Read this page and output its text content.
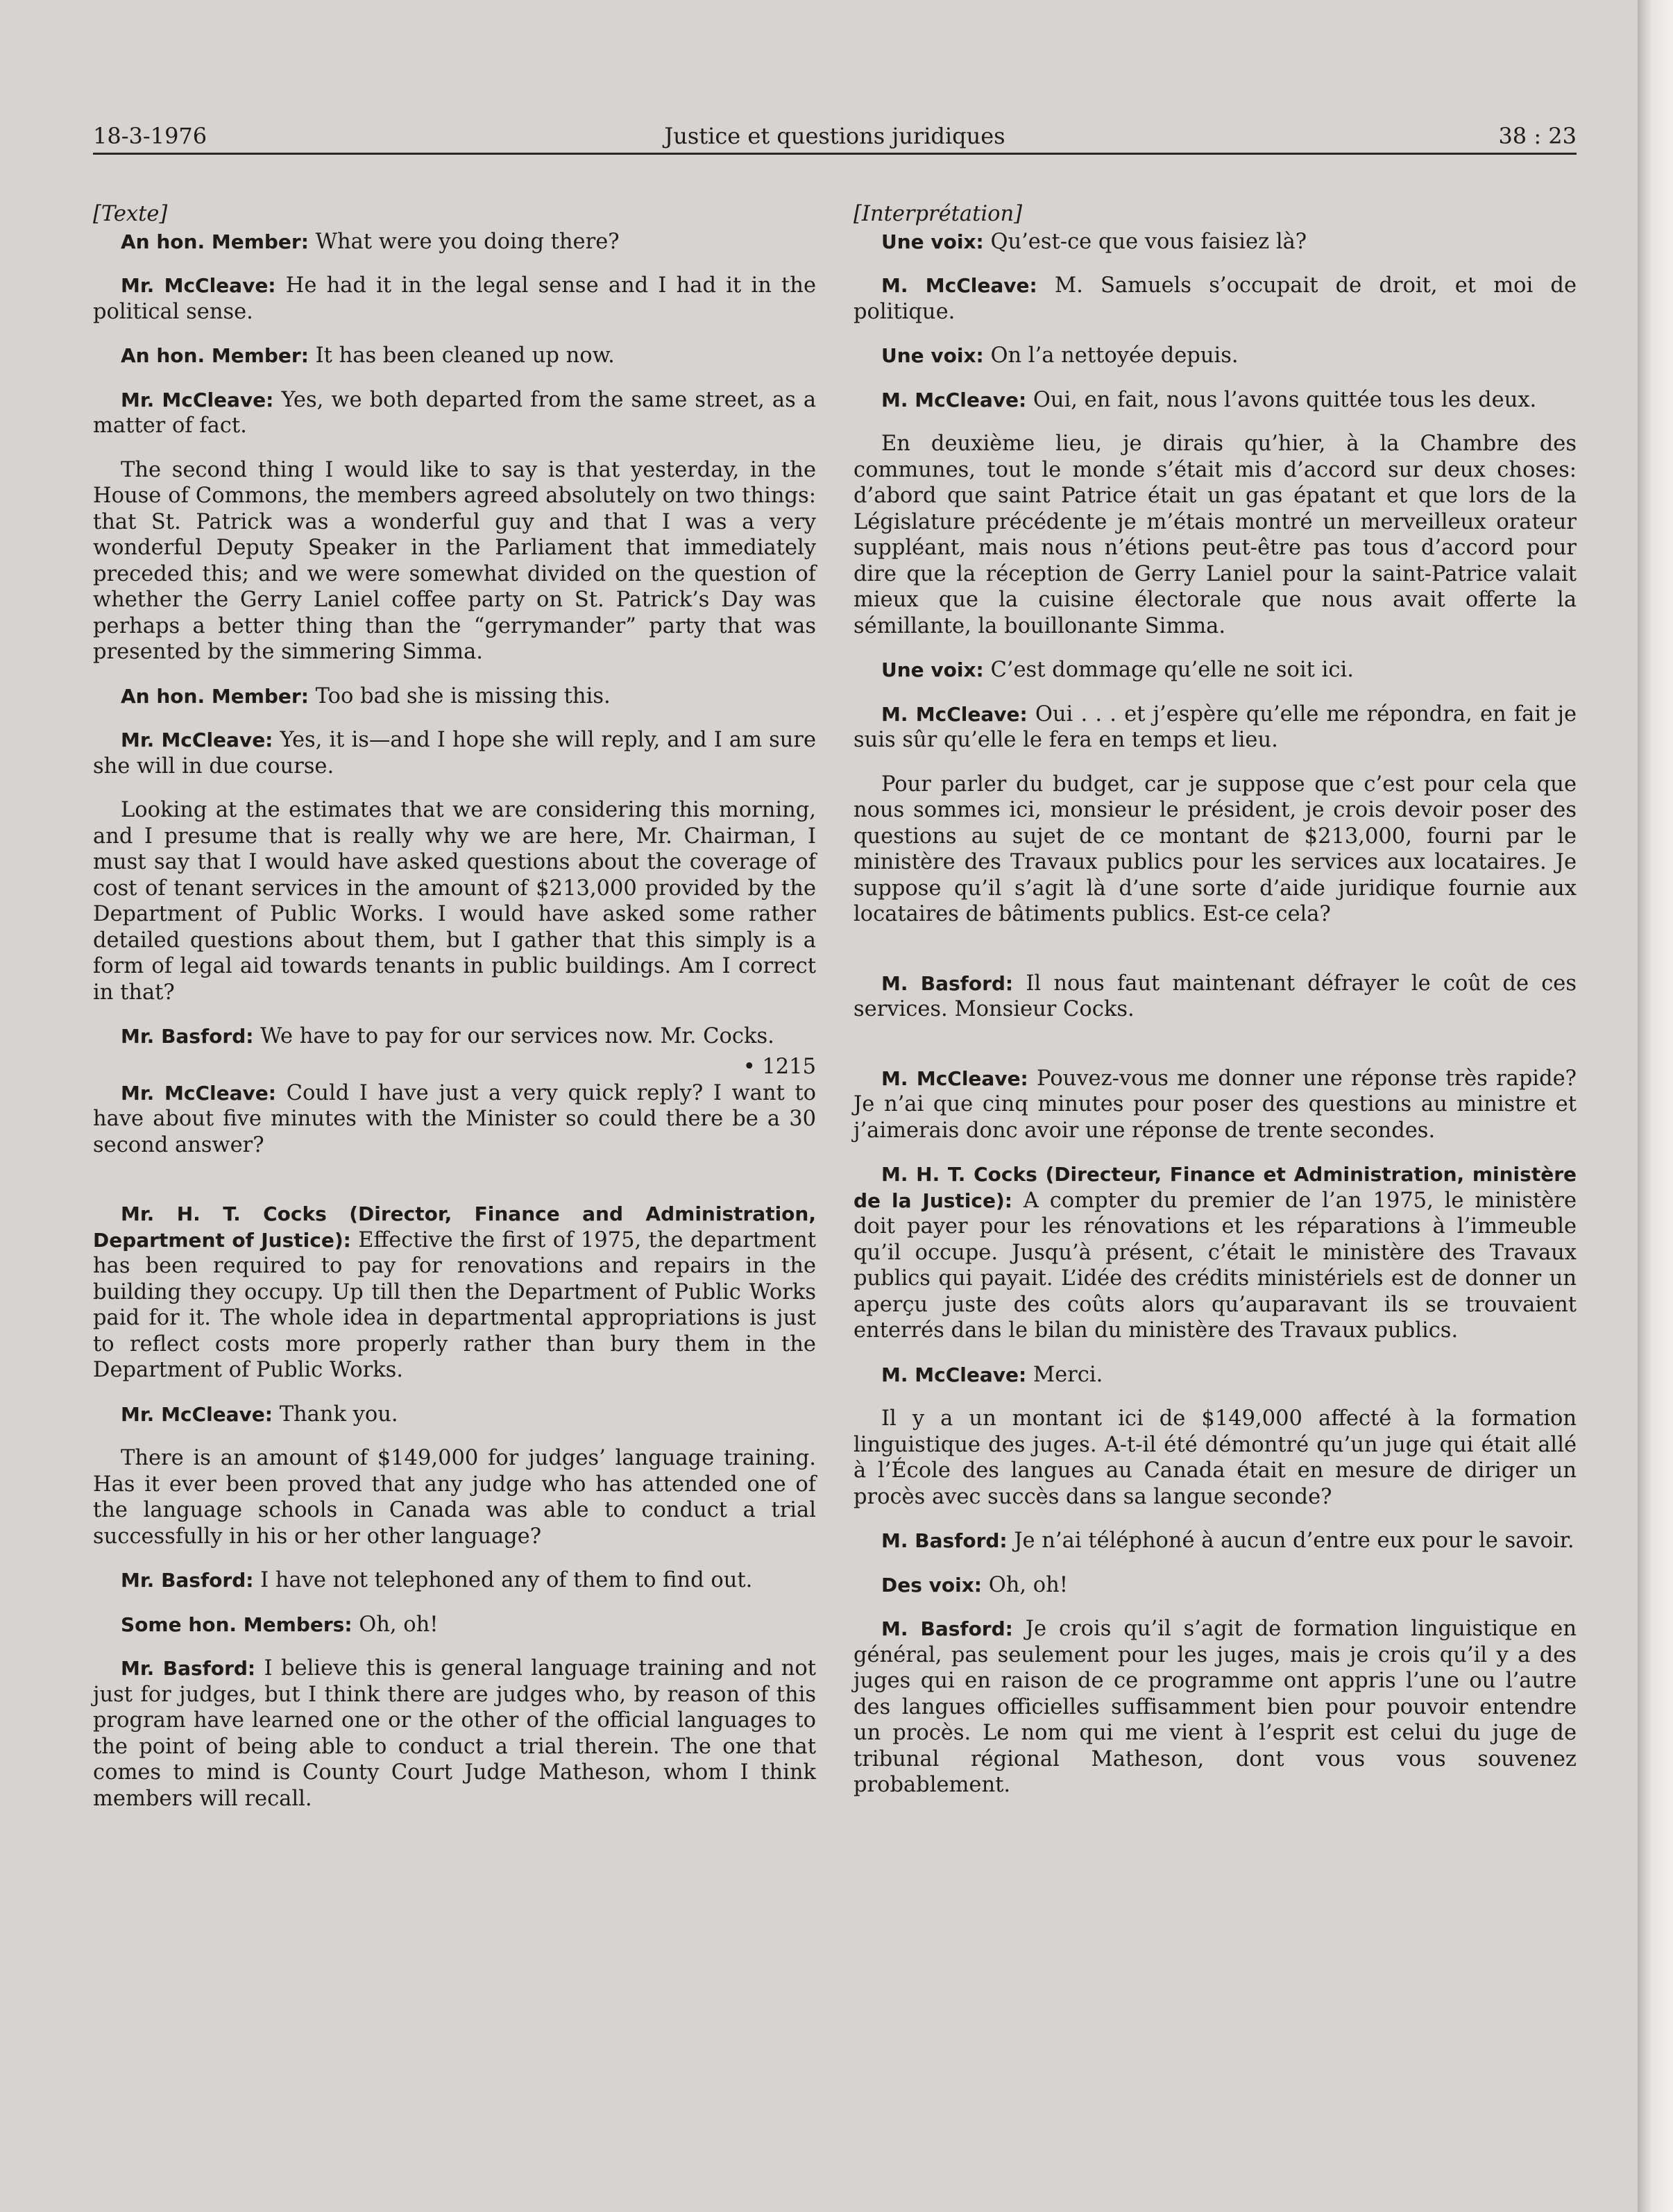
18-3-1976	Justice et questions juridiques	38 : 23
[Texte]

An hon. Member: What were you doing there?

Mr. McCleave: He had it in the legal sense and I had it in the political sense.

An hon. Member: It has been cleaned up now.

Mr. McCleave: Yes, we both departed from the same street, as a matter of fact.

The second thing I would like to say is that yesterday, in the House of Commons, the members agreed absolutely on two things: that St. Patrick was a wonderful guy and that I was a very wonderful Deputy Speaker in the Parliament that immediately preceded this; and we were somewhat divided on the question of whether the Gerry Laniel coffee party on St. Patrick’s Day was perhaps a better thing than the “gerrymander” party that was presented by the simmering Simma.

An hon. Member: Too bad she is missing this.

Mr. McCleave: Yes, it is—and I hope she will reply, and I am sure she will in due course.

Looking at the estimates that we are considering this morning, and I presume that is really why we are here, Mr. Chairman, I must say that I would have asked questions about the coverage of cost of tenant services in the amount of $213,000 provided by the Department of Public Works. I would have asked some rather detailed questions about them, but I gather that this simply is a form of legal aid towards tenants in public buildings. Am I correct in that?

Mr. Basford: We have to pay for our services now. Mr. Cocks.

• 1215

Mr. McCleave: Could I have just a very quick reply? I want to have about five minutes with the Minister so could there be a 30 second answer?

Mr. H. T. Cocks (Director, Finance and Administration, Department of Justice): Effective the first of 1975, the department has been required to pay for renovations and repairs in the building they occupy. Up till then the Department of Public Works paid for it. The whole idea in departmental appropriations is just to reflect costs more properly rather than bury them in the Department of Public Works.

Mr. McCleave: Thank you.

There is an amount of $149,000 for judges’ language training. Has it ever been proved that any judge who has attended one of the language schools in Canada was able to conduct a trial successfully in his or her other language?

Mr. Basford: I have not telephoned any of them to find out.

Some hon. Members: Oh, oh!

Mr. Basford: I believe this is general language training and not just for judges, but I think there are judges who, by reason of this program have learned one or the other of the official languages to the point of being able to conduct a trial therein. The one that comes to mind is County Court Judge Matheson, whom I think members will recall.

[Interprétation]

Une voix: Qu’est-ce que vous faisiez là?

M. McCleave: M. Samuels s’occupait de droit, et moi de politique.

Une voix: On l’a nettoyée depuis.

M. McCleave: Oui, en fait, nous l’avons quittée tous les deux.

En deuxième lieu, je dirais qu’hier, à la Chambre des communes, tout le monde s’était mis d’accord sur deux choses: d’abord que saint Patrice était un gas épatant et que lors de la Législature précédente je m’étais montré un merveilleux orateur suppléant, mais nous n’étions peut-être pas tous d’accord pour dire que la réception de Gerry Laniel pour la saint-Patrice valait mieux que la cuisine électorale que nous avait offerte la sémillante, la bouillonante Simma.

Une voix: C’est dommage qu’elle ne soit ici.

M. McCleave: Oui . . . et j’espère qu’elle me répondra, en fait je suis sûr qu’elle le fera en temps et lieu.

Pour parler du budget, car je suppose que c’est pour cela que nous sommes ici, monsieur le président, je crois devoir poser des questions au sujet de ce montant de $213,000, fourni par le ministère des Travaux publics pour les services aux locataires. Je suppose qu’il s’agit là d’une sorte d’aide juridique fournie aux locataires de bâtiments publics. Est-ce cela?

M. Basford: Il nous faut maintenant défrayer le coût de ces services. Monsieur Cocks.

M. McCleave: Pouvez-vous me donner une réponse très rapide? Je n’ai que cinq minutes pour poser des questions au ministre et j’aimerais donc avoir une réponse de trente secondes.

M. H. T. Cocks (Directeur, Finance et Administration, ministère de la Justice): A compter du premier de l’an 1975, le ministère doit payer pour les rénovations et les réparations à l’immeuble qu’il occupe. Jusqu’à présent, c’était le ministère des Travaux publics qui payait. L’idée des crédits ministériels est de donner un aperçu juste des coûts alors qu’auparavant ils se trouvaient enterrés dans le bilan du ministère des Travaux publics.

M. McCleave: Merci.

Il y a un montant ici de $149,000 affecté à la formation linguistique des juges. A-t-il été démontré qu’un juge qui était allé à l’École des langues au Canada était en mesure de diriger un procès avec succès dans sa langue seconde?

M. Basford: Je n’ai téléphoné à aucun d’entre eux pour le savoir.

Des voix: Oh, oh!

M. Basford: Je crois qu’il s’agit de formation linguistique en général, pas seulement pour les juges, mais je crois qu’il y a des juges qui en raison de ce programme ont appris l’une ou l’autre des langues officielles suffisamment bien pour pouvoir entendre un procès. Le nom qui me vient à l’esprit est celui du juge de tribunal régional Matheson, dont vous vous souvenez probablement.
